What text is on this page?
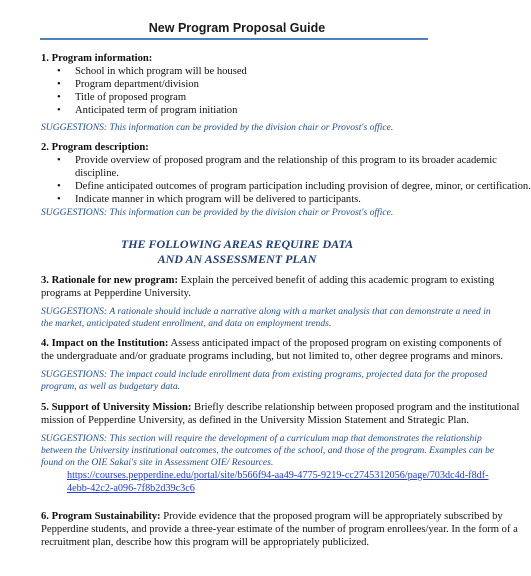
New Program Proposal Guide
1. Program information:
• School in which program will be housed
• Program department/division
• Title of proposed program
• Anticipated term of program initiation
SUGGESTIONS: This information can be provided by the division chair or Provost's office.
2. Program description:
• Provide overview of proposed program and the relationship of this program to its broader academic
discipline.
• Define anticipated outcomes of program participation including provision of degree, minor, or certification.
• Indicate manner in which program will be delivered to participants.
SUGGESTIONS: This information can be provided by the division chair or Provost's office.
THE FOLLOWING AREAS REQUIRE DATA
AND AN ASSESSMENT PLAN
3. Rationale for new program: Explain the perceived benefit of adding this academic program to existing
programs at Pepperdine University.
SUGGESTIONS: A rationale should include a narrative along with a market analysis that can demonstrate a need in
the market, anticipated student enrollment, and data on employment trends.
4. Impact on the Institution: Assess anticipated impact of the proposed program on existing components of
the undergraduate and/or graduate programs including, but not limited to, other degree programs and minors.
SUGGESTIONS: The impact could include enrollment data from existing programs, projected data for the proposed
program, as well as budgetary data.
5. Support of University Mission: Briefly describe relationship between proposed program and the institutional
mission of Pepperdine University, as defined in the University Mission Statement and Strategic Plan.
SUGGESTIONS: This section will require the development of a curriculum map that demonstrates the relationship
between the University institutional outcomes, the outcomes of the school, and those of the program. Examples can be
found on the OIE Sakai's site in Assessment OIE/ Resources.
https://courses.pepperdine.edu/portal/site/b566f94-aa49-4775-9219-cc2745312056/page/703dc4d-f8df-
4ebb-42c2-a096-7f8b2d39c3c6
6. Program Sustainability: Provide evidence that the proposed program will be appropriately subscribed by
Pepperdine students, and provide a three-year estimate of the number of program enrollees/year. In the form of a
recruitment plan, describe how this program will be appropriately publicized.
